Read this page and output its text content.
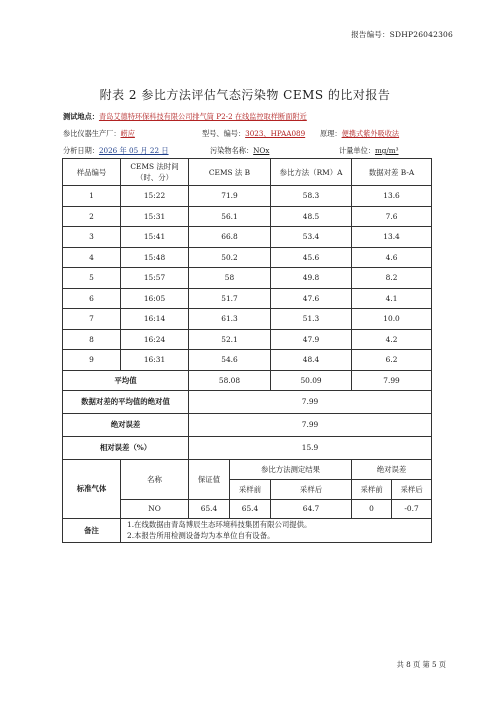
报告编号：SDHP26042306
附表 2 参比方法评估气态污染物 CEMS 的比对报告
测试地点：青岛艾德特环保科技有限公司排气筒 P2-2 在线监控取样断面附近
参比仪器生产厂：崂应	型号、编号：3023、HPAA089 原理：便携式紫外吸收法
分析日期：2026 年 05 月 22 日	污染物名称：NOx	计量单位：mg/m³
样品编号	CEMS 法时间（时、分）	CEMS 法 B		参比方法（RM）A	数据对差 B-A	
1	15:22	71.9		58.3	13.6	
2	15:31	56.1		48.5	7.6	
3	15:41	66.8		53.4	13.4	
4	15:48	50.2		45.6	4.6	
5	15:57	58		49.8	8.2	
6	16:05	51.7		47.6	4.1	
7	16:14	61.3		51.3	10.0	
8	16:24	52.1		47.9	4.2	
9	16:31	54.6		48.4	6.2	
平均值		58.08		50.09	7.99	
数据对差的平均值的绝对值		7.99				
绝对误差		7.99				
相对误差（%）		15.9				
标准气体	名称	保证值	参比方法测定结果		绝对误差	
			采样前	采样后	采样前	采样后
	NO	65.4	65.4	64.7	0	-0.7
备注	1.在线数据由青岛博辰生态环境科技集团有限公司提供。
2.本报告所用检测设备均为本单位自有设备。					
共 8 页 第 5 页
